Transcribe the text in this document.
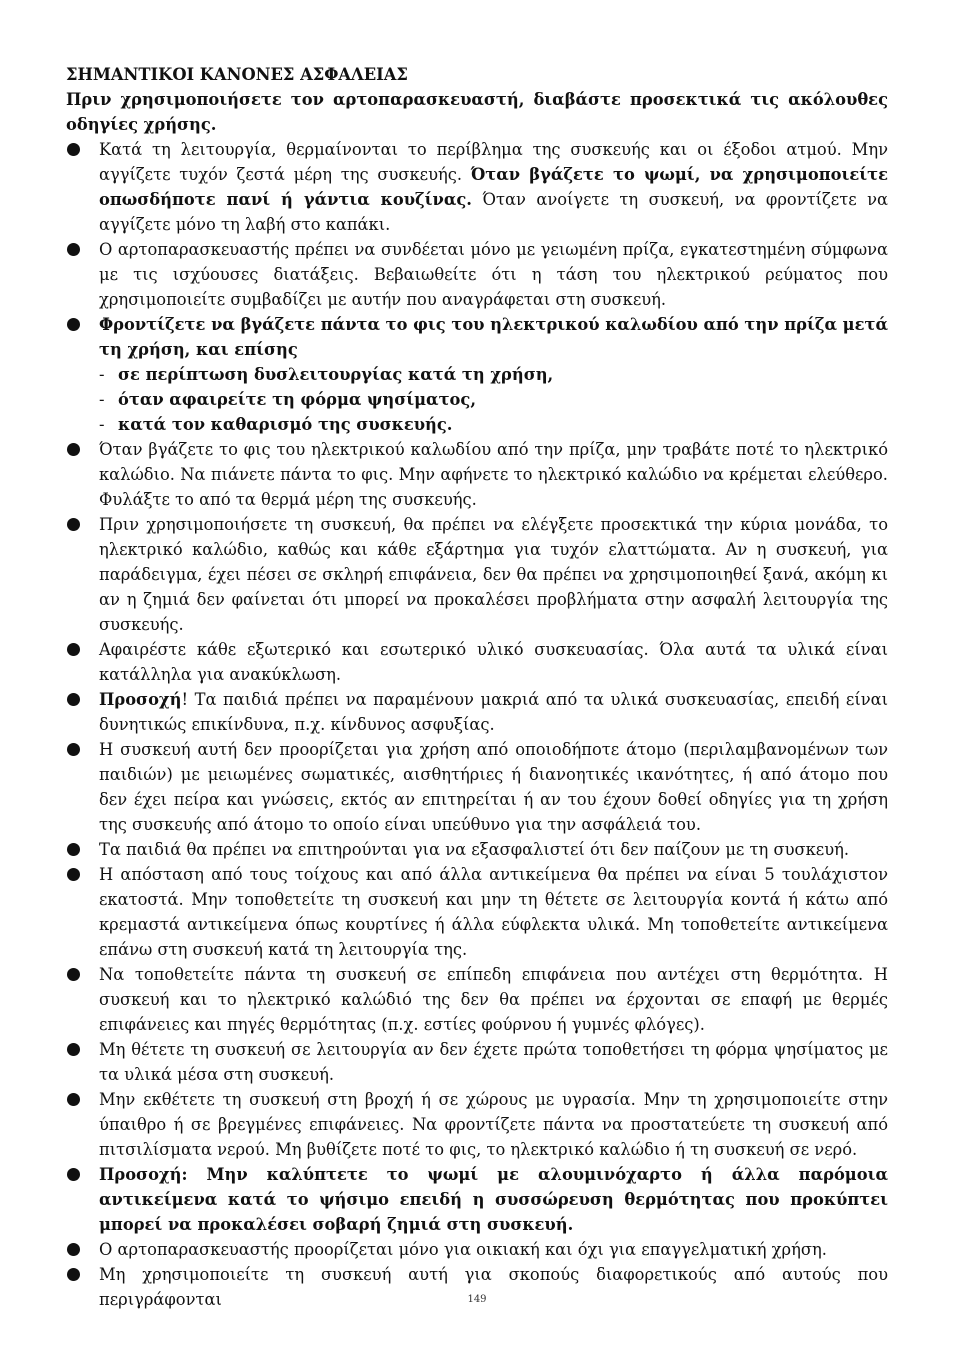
ΣΗΜΑΝΤΙΚΟΙ ΚΑΝΟΝΕΣ ΑΣΦΑΛΕΙΑΣ

Πριν χρησιμοποιήσετε τον αρτοπαρασκευαστή, διαβάστε προσεκτικά τις ακόλουθες οδηγίες χρήσης.

Κατά τη λειτουργία, θερμαίνονται το περίβλημα της συσκευής και οι έξοδοι ατμού. Μην αγγίζετε τυχόν ζεστά μέρη της συσκευής. Όταν βγάζετε το ψωμί, να χρησιμοποιείτε οπωσδήποτε πανί ή γάντια κουζίνας. Όταν ανοίγετε τη συσκευή, να φροντίζετε να αγγίζετε μόνο τη λαβή στο καπάκι.
Ο αρτοπαρασκευαστής πρέπει να συνδέεται μόνο με γειωμένη πρίζα, εγκατεστημένη σύμφωνα με τις ισχύουσες διατάξεις. Βεβαιωθείτε ότι η τάση του ηλεκτρικού ρεύματος που χρησιμοποιείτε συμβαδίζει με αυτήν που αναγράφεται στη συσκευή.
Φροντίζετε να βγάζετε πάντα το φις του ηλεκτρικού καλωδίου από την πρίζα μετά τη χρήση, και επίσης
- σε περίπτωση δυσλειτουργίας κατά τη χρήση,
- όταν αφαιρείτε τη φόρμα ψησίματος,
- κατά τον καθαρισμό της συσκευής.
Όταν βγάζετε το φις του ηλεκτρικού καλωδίου από την πρίζα, μην τραβάτε ποτέ το ηλεκτρικό καλώδιο. Να πιάνετε πάντα το φις. Μην αφήνετε το ηλεκτρικό καλώδιο να κρέμεται ελεύθερο. Φυλάξτε το από τα θερμά μέρη της συσκευής.
Πριν χρησιμοποιήσετε τη συσκευή, θα πρέπει να ελέγξετε προσεκτικά την κύρια μονάδα, το ηλεκτρικό καλώδιο, καθώς και κάθε εξάρτημα για τυχόν ελαττώματα. Αν η συσκευή, για παράδειγμα, έχει πέσει σε σκληρή επιφάνεια, δεν θα πρέπει να χρησιμοποιηθεί ξανά, ακόμη κι αν η ζημιά δεν φαίνεται ότι μπορεί να προκαλέσει προβλήματα στην ασφαλή λειτουργία της συσκευής.
Αφαιρέστε κάθε εξωτερικό και εσωτερικό υλικό συσκευασίας. Όλα αυτά τα υλικά είναι κατάλληλα για ανακύκλωση.
Προσοχή! Τα παιδιά πρέπει να παραμένουν μακριά από τα υλικά συσκευασίας, επειδή είναι δυνητικώς επικίνδυνα, π.χ. κίνδυνος ασφυξίας.
Η συσκευή αυτή δεν προορίζεται για χρήση από οποιοδήποτε άτομο (περιλαμβανομένων των παιδιών) με μειωμένες σωματικές, αισθητήριες ή διανοητικές ικανότητες, ή από άτομο που δεν έχει πείρα και γνώσεις, εκτός αν επιτηρείται ή αν του έχουν δοθεί οδηγίες για τη χρήση της συσκευής από άτομο το οποίο είναι υπεύθυνο για την ασφάλειά του.
Τα παιδιά θα πρέπει να επιτηρούνται για να εξασφαλιστεί ότι δεν παίζουν με τη συσκευή.
Η απόσταση από τους τοίχους και από άλλα αντικείμενα θα πρέπει να είναι 5 τουλάχιστον εκατοστά. Μην τοποθετείτε τη συσκευή και μην τη θέτετε σε λειτουργία κοντά ή κάτω από κρεμαστά αντικείμενα όπως κουρτίνες ή άλλα εύφλεκτα υλικά. Μη τοποθετείτε αντικείμενα επάνω στη συσκευή κατά τη λειτουργία της.
Να τοποθετείτε πάντα τη συσκευή σε επίπεδη επιφάνεια που αντέχει στη θερμότητα. Η συσκευή και το ηλεκτρικό καλώδιό της δεν θα πρέπει να έρχονται σε επαφή με θερμές επιφάνειες και πηγές θερμότητας (π.χ. εστίες φούρνου ή γυμνές φλόγες).
Μη θέτετε τη συσκευή σε λειτουργία αν δεν έχετε πρώτα τοποθετήσει τη φόρμα ψησίματος με τα υλικά μέσα στη συσκευή.
Μην εκθέτετε τη συσκευή στη βροχή ή σε χώρους με υγρασία. Μην τη χρησιμοποιείτε στην ύπαιθρο ή σε βρεγμένες επιφάνειες. Να φροντίζετε πάντα να προστατεύετε τη συσκευή από πιτσιλίσματα νερού. Μη βυθίζετε ποτέ το φις, το ηλεκτρικό καλώδιο ή τη συσκευή σε νερό.
Προσοχή: Μην καλύπτετε το ψωμί με αλουμινόχαρτο ή άλλα παρόμοια αντικείμενα κατά το ψήσιμο επειδή η συσσώρευση θερμότητας που προκύπτει μπορεί να προκαλέσει σοβαρή ζημιά στη συσκευή.
Ο αρτοπαρασκευαστής προορίζεται μόνο για οικιακή και όχι για επαγγελματική χρήση.
Μη χρησιμοποιείτε τη συσκευή αυτή για σκοπούς διαφορετικούς από αυτούς που περιγράφονται	149
